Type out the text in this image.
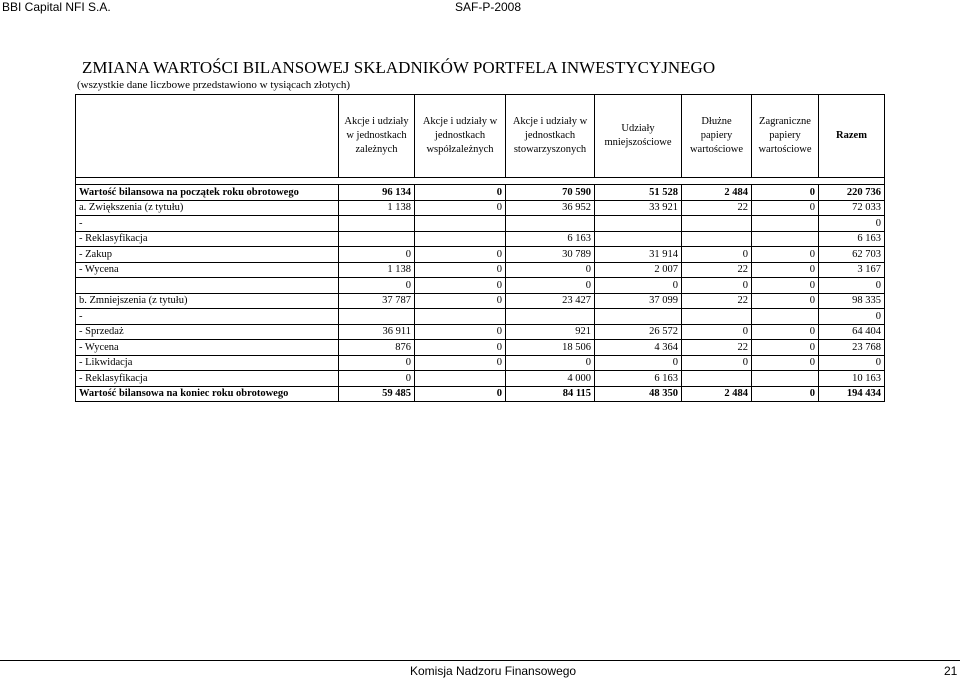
BBI Capital NFI S.A.	SAF-P-2008
ZMIANA WARTOŚCI BILANSOWEJ SKŁADNIKÓW PORTFELA INWESTYCYJNEGO
(wszystkie dane liczbowe przedstawiono w tysiącach złotych)
	Akcje i udziały w jednostkach zależnych	Akcje i udziały w jednostkach współzależnych	Akcje i udziały w jednostkach stowarzyszonych	Udziały mniejszościowe	Dłużne papiery wartościowe	Zagraniczne papiery wartościowe	Razem

Wartość bilansowa na początek roku obrotowego	96 134	0	70 590	51 528	2 484	0	220 736
a. Zwiększenia (z tytułu)	1 138	0	36 952	33 921	22	0	72 033
-							0
- Reklasyfikacja			6 163				6 163
- Zakup	0	0	30 789	31 914	0	0	62 703
- Wycena	1 138	0	0	2 007	22	0	3 167
	0	0	0	0	0	0	0
b. Zmniejszenia (z tytułu)	37 787	0	23 427	37 099	22	0	98 335
-							0
- Sprzedaż	36 911	0	921	26 572	0	0	64 404
- Wycena	876	0	18 506	4 364	22	0	23 768
- Likwidacja	0	0	0	0	0	0	0
- Reklasyfikacja	0		4 000	6 163			10 163
Wartość bilansowa na koniec roku obrotowego	59 485	0	84 115	48 350	2 484	0	194 434
Komisja Nadzoru Finansowego	21
